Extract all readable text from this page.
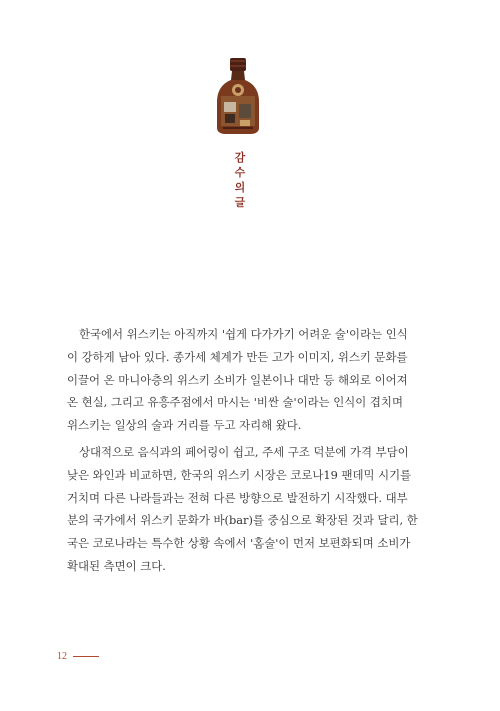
감
수
의
글
한국에서 위스키는 아직까지 '쉽게 다가가기 어려운 술'이라는 인식
이 강하게 남아 있다. 종가세 체계가 만든 고가 이미지, 위스키 문화를
이끌어 온 마니아층의 위스키 소비가 일본이나 대만 등 해외로 이어져
온 현실, 그리고 유흥주점에서 마시는 '비싼 술'이라는 인식이 겹치며
위스키는 일상의 술과 거리를 두고 자리해 왔다.
상대적으로 음식과의 페어링이 쉽고, 주세 구조 덕분에 가격 부담이
낮은 와인과 비교하면, 한국의 위스키 시장은 코로나19 팬데믹 시기를
거치며 다른 나라들과는 전혀 다른 방향으로 발전하기 시작했다. 대부
분의 국가에서 위스키 문화가 바(bar)를 중심으로 확장된 것과 달리, 한
국은 코로나라는 특수한 상황 속에서 '홈술'이 먼저 보편화되며 소비가
확대된 측면이 크다.
12
